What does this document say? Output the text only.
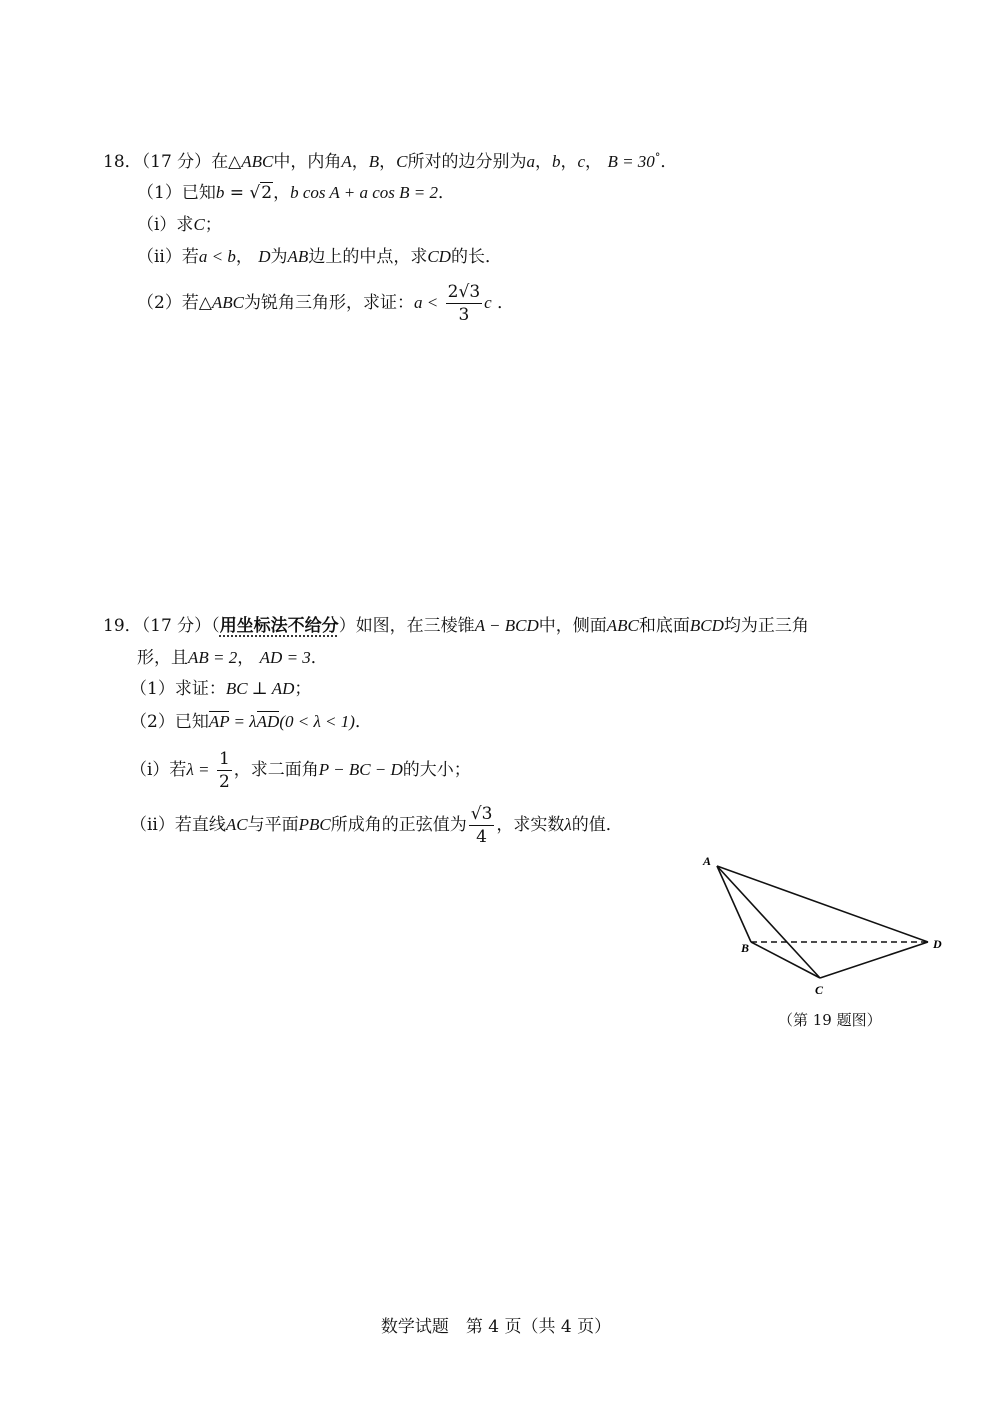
18．（17 分）在△ABC中，内角A，B，C所对的边分别为a，b，c， B = 30°．
（1）已知b = √2，b cos A + a cos B = 2．
（i）求C；
（ii）若a < b， D为AB边上的中点，求CD的长．
（2）若△ABC为锐角三角形，求证：$a < \frac{2√3}{3}$ c ．
19．（17 分）（用坐标法不给分）如图，在三棱锥A − BCD中，侧面ABC和底面BCD均为正三角
形，且AB = 2， AD = 3．
（1）求证：BC ⊥ AD；
（2）已知AP = λAD(0 < λ < 1)．
（i）若$\lambda = \frac{1}{2}$ ，求二面角P − BC − D的大小；
（ii）若直线AC与平面PBC所成角的正弦值为 $\frac{√3}{4}$ ，求实数λ的值．
A
B
C
D
（第 19 题图）
数学试题　第 4 页（共 4 页）
